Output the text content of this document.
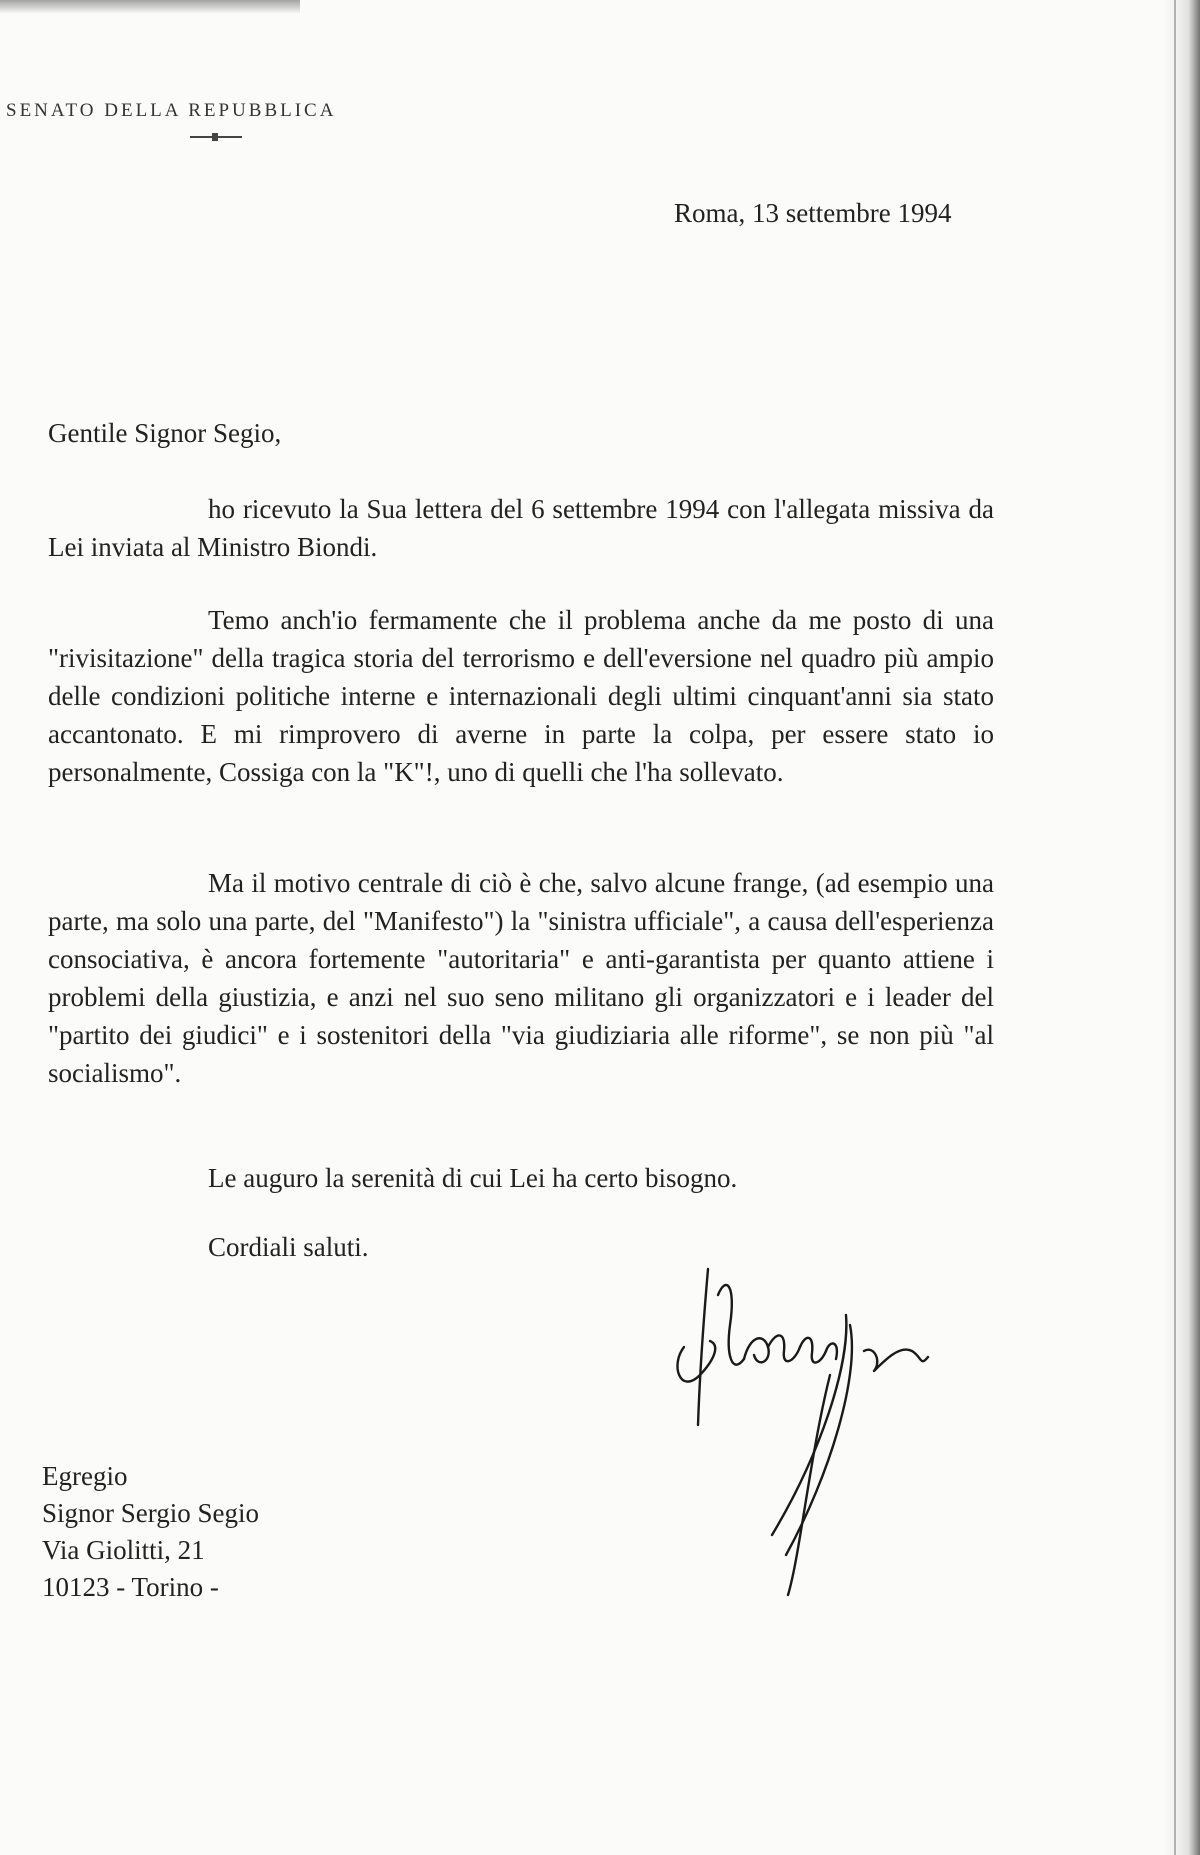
SENATO DELLA REPUBBLICA
Roma, 13 settembre 1994
Gentile Signor Segio,

ho ricevuto la Sua lettera del 6 settembre 1994 con l'allegata missiva da Lei inviata al Ministro Biondi.

Temo anch'io fermamente che il problema anche da me posto di una "rivisitazione" della tragica storia del terrorismo e dell'eversione nel quadro più ampio delle condizioni politiche interne e internazionali degli ultimi cinquant'anni sia stato accantonato. E mi rimprovero di averne in parte la colpa, per essere stato io personalmente, Cossiga con la "K"!, uno di quelli che l'ha sollevato.

Ma il motivo centrale di ciò è che, salvo alcune frange, (ad esempio una parte, ma solo una parte, del "Manifesto") la "sinistra ufficiale", a causa dell'esperienza consociativa, è ancora fortemente "autoritaria" e anti-garantista per quanto attiene i problemi della giustizia, e anzi nel suo seno militano gli organizzatori e i leader del "partito dei giudici" e i sostenitori della "via giudiziaria alle riforme", se non più "al socialismo".

Le auguro la serenità di cui Lei ha certo bisogno.
Cordiali saluti.
Egregio
Signor Sergio Segio
Via Giolitti, 21
10123 - Torino -
